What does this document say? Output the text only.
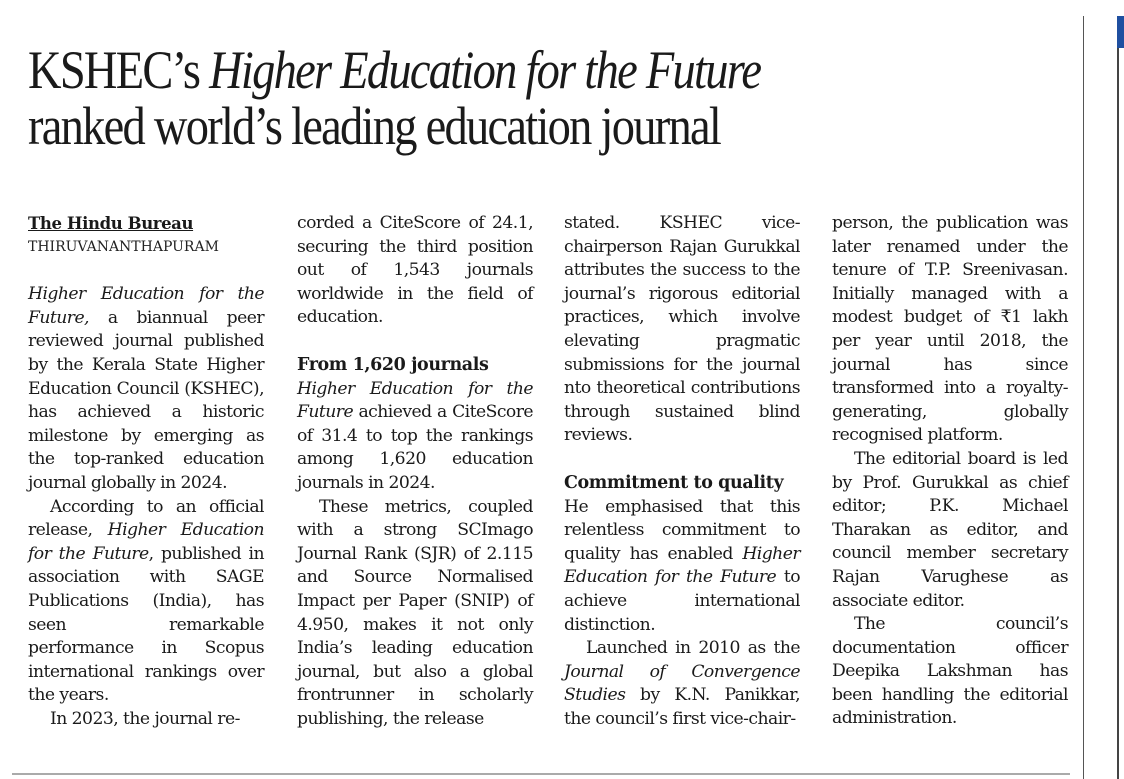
KSHEC’s Higher Education for the Future
ranked world’s leading education journal

The Hindu Bureau

THIRUVANANTHAPURAM

Higher Education for the Future, a biannual peer reviewed journal published by the Kerala State Higher Education Council (KSHEC), has achieved a historic milestone by emerging as the top-ranked education journal globally in 2024.

According to an official release, Higher Education for the Future, published in association with SAGE Publications (India), has seen remarkable performance in Scopus international rankings over the years.

In 2023, the journal re-

corded a CiteScore of 24.1, securing the third position out of 1,543 journals worldwide in the field of education.

From 1,620 journals

Higher Education for the Future achieved a CiteScore of 31.4 to top the rankings among 1,620 education journals in 2024.

These metrics, coupled with a strong SCImago Journal Rank (SJR) of 2.115 and Source Normalised Impact per Paper (SNIP) of 4.950, makes it not only India’s leading education journal, but also a global frontrunner in scholarly publishing, the release

stated. KSHEC vice-chairperson Rajan Gurukkal attributes the success to the journal’s rigorous editorial practices, which involve elevating pragmatic submissions for the journal nto theoretical contributions through sustained blind reviews.

Commitment to quality

He emphasised that this relentless commitment to quality has enabled Higher Education for the Future to achieve international distinction.

Launched in 2010 as the Journal of Convergence Studies by K.N. Panikkar, the council’s first vice-chair-

person, the publication was later renamed under the tenure of T.P. Sreenivasan. Initially managed with a modest budget of ₹1 lakh per year until 2018, the journal has since transformed into a royalty-generating, globally recognised platform.

The editorial board is led by Prof. Gurukkal as chief editor; P.K. Michael Tharakan as editor, and council member secretary Rajan Varughese as associate editor.

The council’s documentation officer Deepika Lakshman has been handling the editorial administration.
